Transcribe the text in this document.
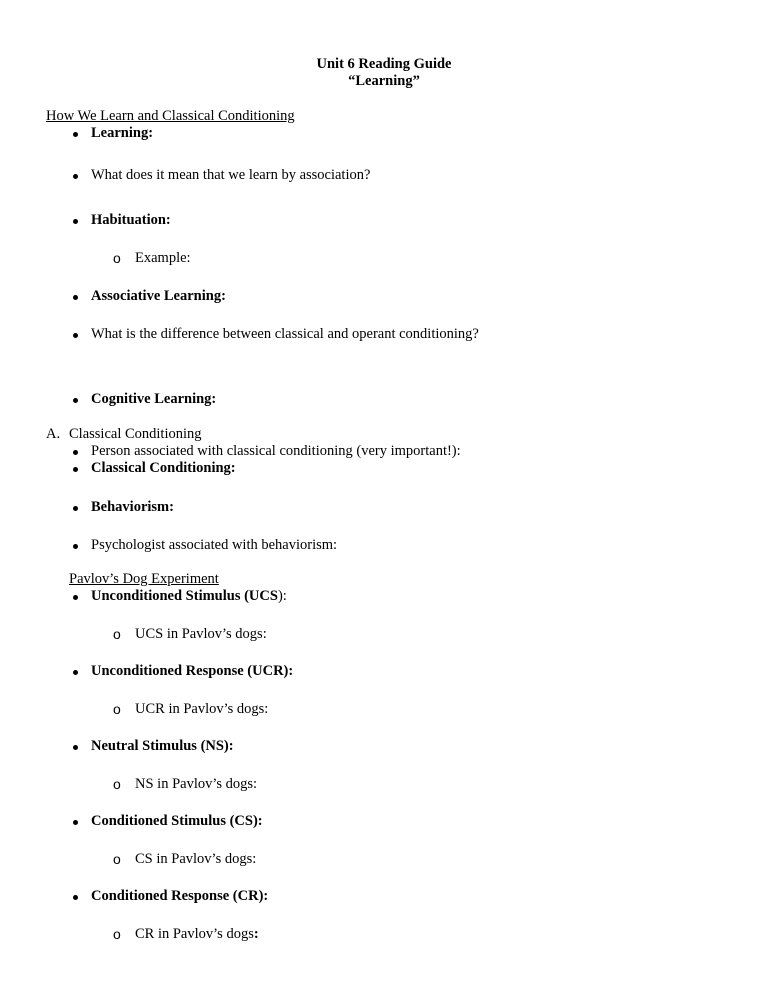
Unit 6 Reading Guide
“Learning”
How We Learn and Classical Conditioning
Learning:
What does it mean that we learn by association?
Habituation:
o Example:
Associative Learning:
What is the difference between classical and operant conditioning?
Cognitive Learning:
A. Classical Conditioning
Person associated with classical conditioning (very important!):
Classical Conditioning:
Behaviorism:
Psychologist associated with behaviorism:
Pavlov’s Dog Experiment
Unconditioned Stimulus (UCS):
o UCS in Pavlov’s dogs:
Unconditioned Response (UCR):
o UCR in Pavlov’s dogs:
Neutral Stimulus (NS):
o NS in Pavlov’s dogs:
Conditioned Stimulus (CS):
o CS in Pavlov’s dogs:
Conditioned Response (CR):
o CR in Pavlov’s dogs:
